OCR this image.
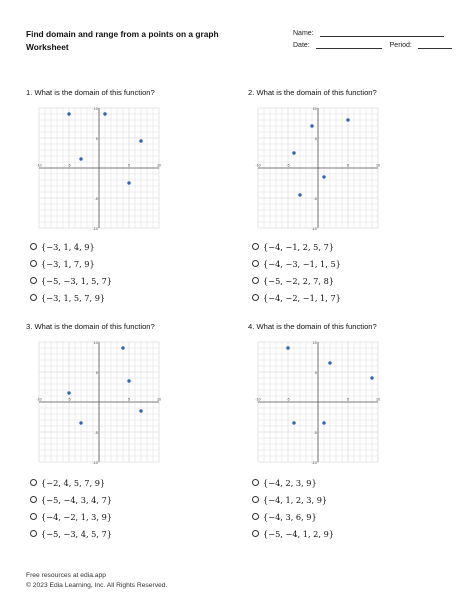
Find domain and range from a points on a graph
Worksheet
Name:
Date:	Period:
1. What is the domain of this function?
-10	-5	5	10
10
5
-5
-10
{−3, 1, 4, 9}
{−3, 1, 7, 9}
{−5, −3, 1, 5, 7}
{−3, 1, 5, 7, 9}
2. What is the domain of this function?
-10	-5	5	10
10
5
-5
-10
{−4, −1, 2, 5, 7}
{−4, −3, −1, 1, 5}
{−5, −2, 2, 7, 8}
{−4, −2, −1, 1, 7}
3. What is the domain of this function?
-10	-5	5	10
10
5
-5
-10
{−2, 4, 5, 7, 9}
{−5, −4, 3, 4, 7}
{−4, −2, 1, 3, 9}
{−5, −3, 4, 5, 7}
4. What is the domain of this function?
-10	-5	5	10
10
5
-5
-10
{−4, 2, 3, 9}
{−4, 1, 2, 3, 9}
{−4, 3, 6, 9}
{−5, −4, 1, 2, 9}
Free resources at edia.app
© 2023 Edia Learning, Inc. All Rights Reserved.
